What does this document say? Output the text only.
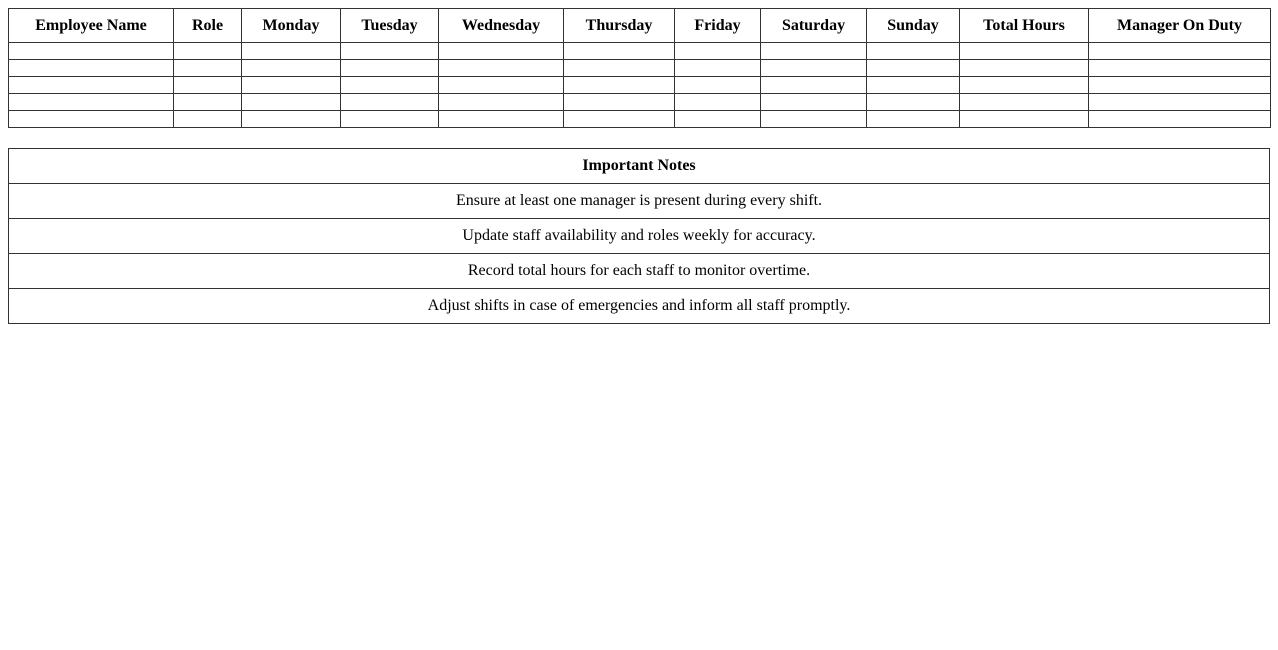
Employee Name	Role	Monday	Tuesday	Wednesday	Thursday	Friday	Saturday	Sunday	Total Hours	Manager On Duty

Important Notes
Ensure at least one manager is present during every shift.
Update staff availability and roles weekly for accuracy.
Record total hours for each staff to monitor overtime.
Adjust shifts in case of emergencies and inform all staff promptly.
